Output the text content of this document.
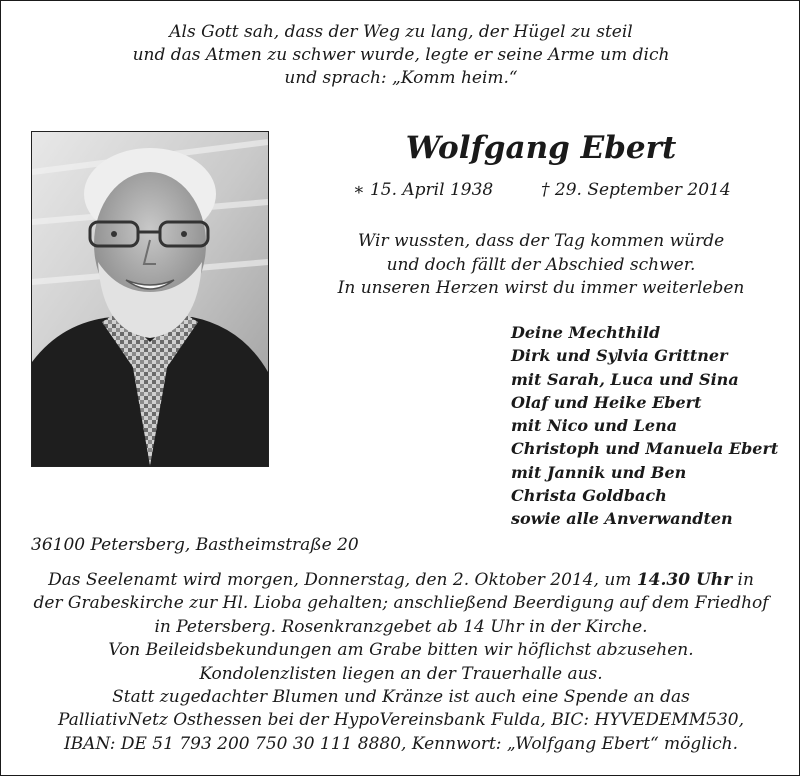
Als Gott sah, dass der Weg zu lang, der Hügel zu steil
und das Atmen zu schwer wurde, legte er seine Arme um dich
und sprach: „Komm heim.“
Wolfgang Ebert
∗ 15. April 1938	† 29. September 2014
Wir wussten, dass der Tag kommen würde
und doch fällt der Abschied schwer.
In unseren Herzen wirst du immer weiterleben
Deine Mechthild
Dirk und Sylvia Grittner
mit Sarah, Luca und Sina
Olaf und Heike Ebert
mit Nico und Lena
Christoph und Manuela Ebert
mit Jannik und Ben
Christa Goldbach
sowie alle Anverwandten
36100 Petersberg, Bastheimstraße 20
Das Seelenamt wird morgen, Donnerstag, den 2. Oktober 2014, um 14.30 Uhr in
der Grabeskirche zur Hl. Lioba gehalten; anschließend Beerdigung auf dem Friedhof
in Petersberg. Rosenkranzgebet ab 14 Uhr in der Kirche.
Von Beileidsbekundungen am Grabe bitten wir höflichst abzusehen.
Kondolenzlisten liegen an der Trauerhalle aus.
Statt zugedachter Blumen und Kränze ist auch eine Spende an das
PalliativNetz Osthessen bei der HypoVereinsbank Fulda, BIC: HYVEDEMM530,
IBAN: DE 51 793 200 750 30 111 8880, Kennwort: „Wolfgang Ebert“ möglich.
